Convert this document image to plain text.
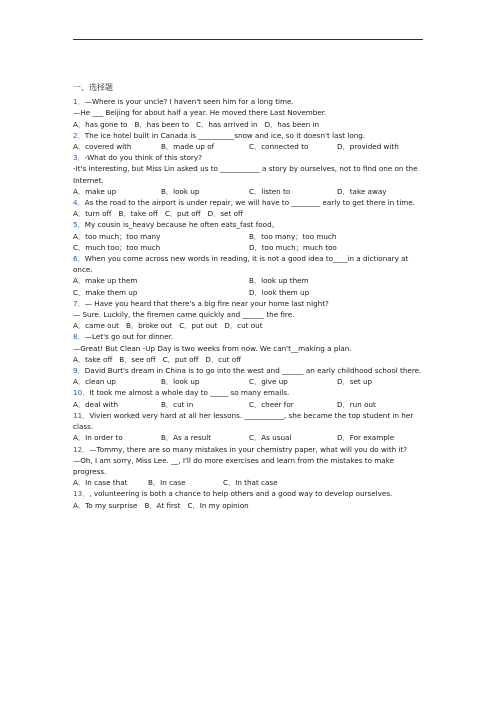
一、选择题

1．—Where is your uncle? I haven't seen him for a long time.

—He ___ Beijing for about half a year. He moved there Last November.

A．has gone to B．has been to C．has arrived in D．has been in

2．The ice hotel built in Canada is __________snow and ice, so it doesn't last long.

A．covered with	B．made up of	C．connected to	D．provided with

3．-What do you think of this story?

-It's interesting, but Miss Lin asked us to ___________ a story by ourselves, not to find one on the Internet.

A．make up	B．look up	C．listen to	D．take away

4．As the road to the airport is under repair, we will have to ________ early to get there in time.

A．turn off B．take off C．put off D．set off

5．My cousin is_heavy because he often eats_fast food。

A．too much；too many	B．too many；too much
C．much too；too much	D．too much；much too

6．When you come across new words in reading, it is not a good idea to____in a dictionary at once.

A．make up them	B．look up them
C．make them up	D．look them up

7．— Have you heard that there's a big fire near your home last night?

— Sure. Luckily, the firemen came quickly and ______ the fire.

A．came out B．broke out C．put out D．cut out

8．—Let's go out for dinner.

—Great! But Clean -Up Day is two weeks from now. We can't__making a plan.

A．take off B．see off C．put off D．cut off

9．David Burt's dream in China is to go into the west and ______ an early childhood school there.

A．clean up	B．look up	C．give up	D．set up

10．It took me almost a whole day to _____ so many emails.

A．deal with	B．cut in	C．cheer for	D．run out

11．Vivien worked very hard at all her lessons. ___________, she became the top student in her class.

A．In order to	B．As a result	C．As usual	D．For example

12．—Tommy, there are so many mistakes in your chemistry paper, what will you do with it?

—Oh, I am sorry, Miss Lee. __, I'll do more exercises and learn from the mistakes to make progress.

A．In case that	B．In case	C．In that case

13．, volunteering is both a chance to help others and a good way to develop ourselves.

A．To my surprise B．At first C．In my opinion
